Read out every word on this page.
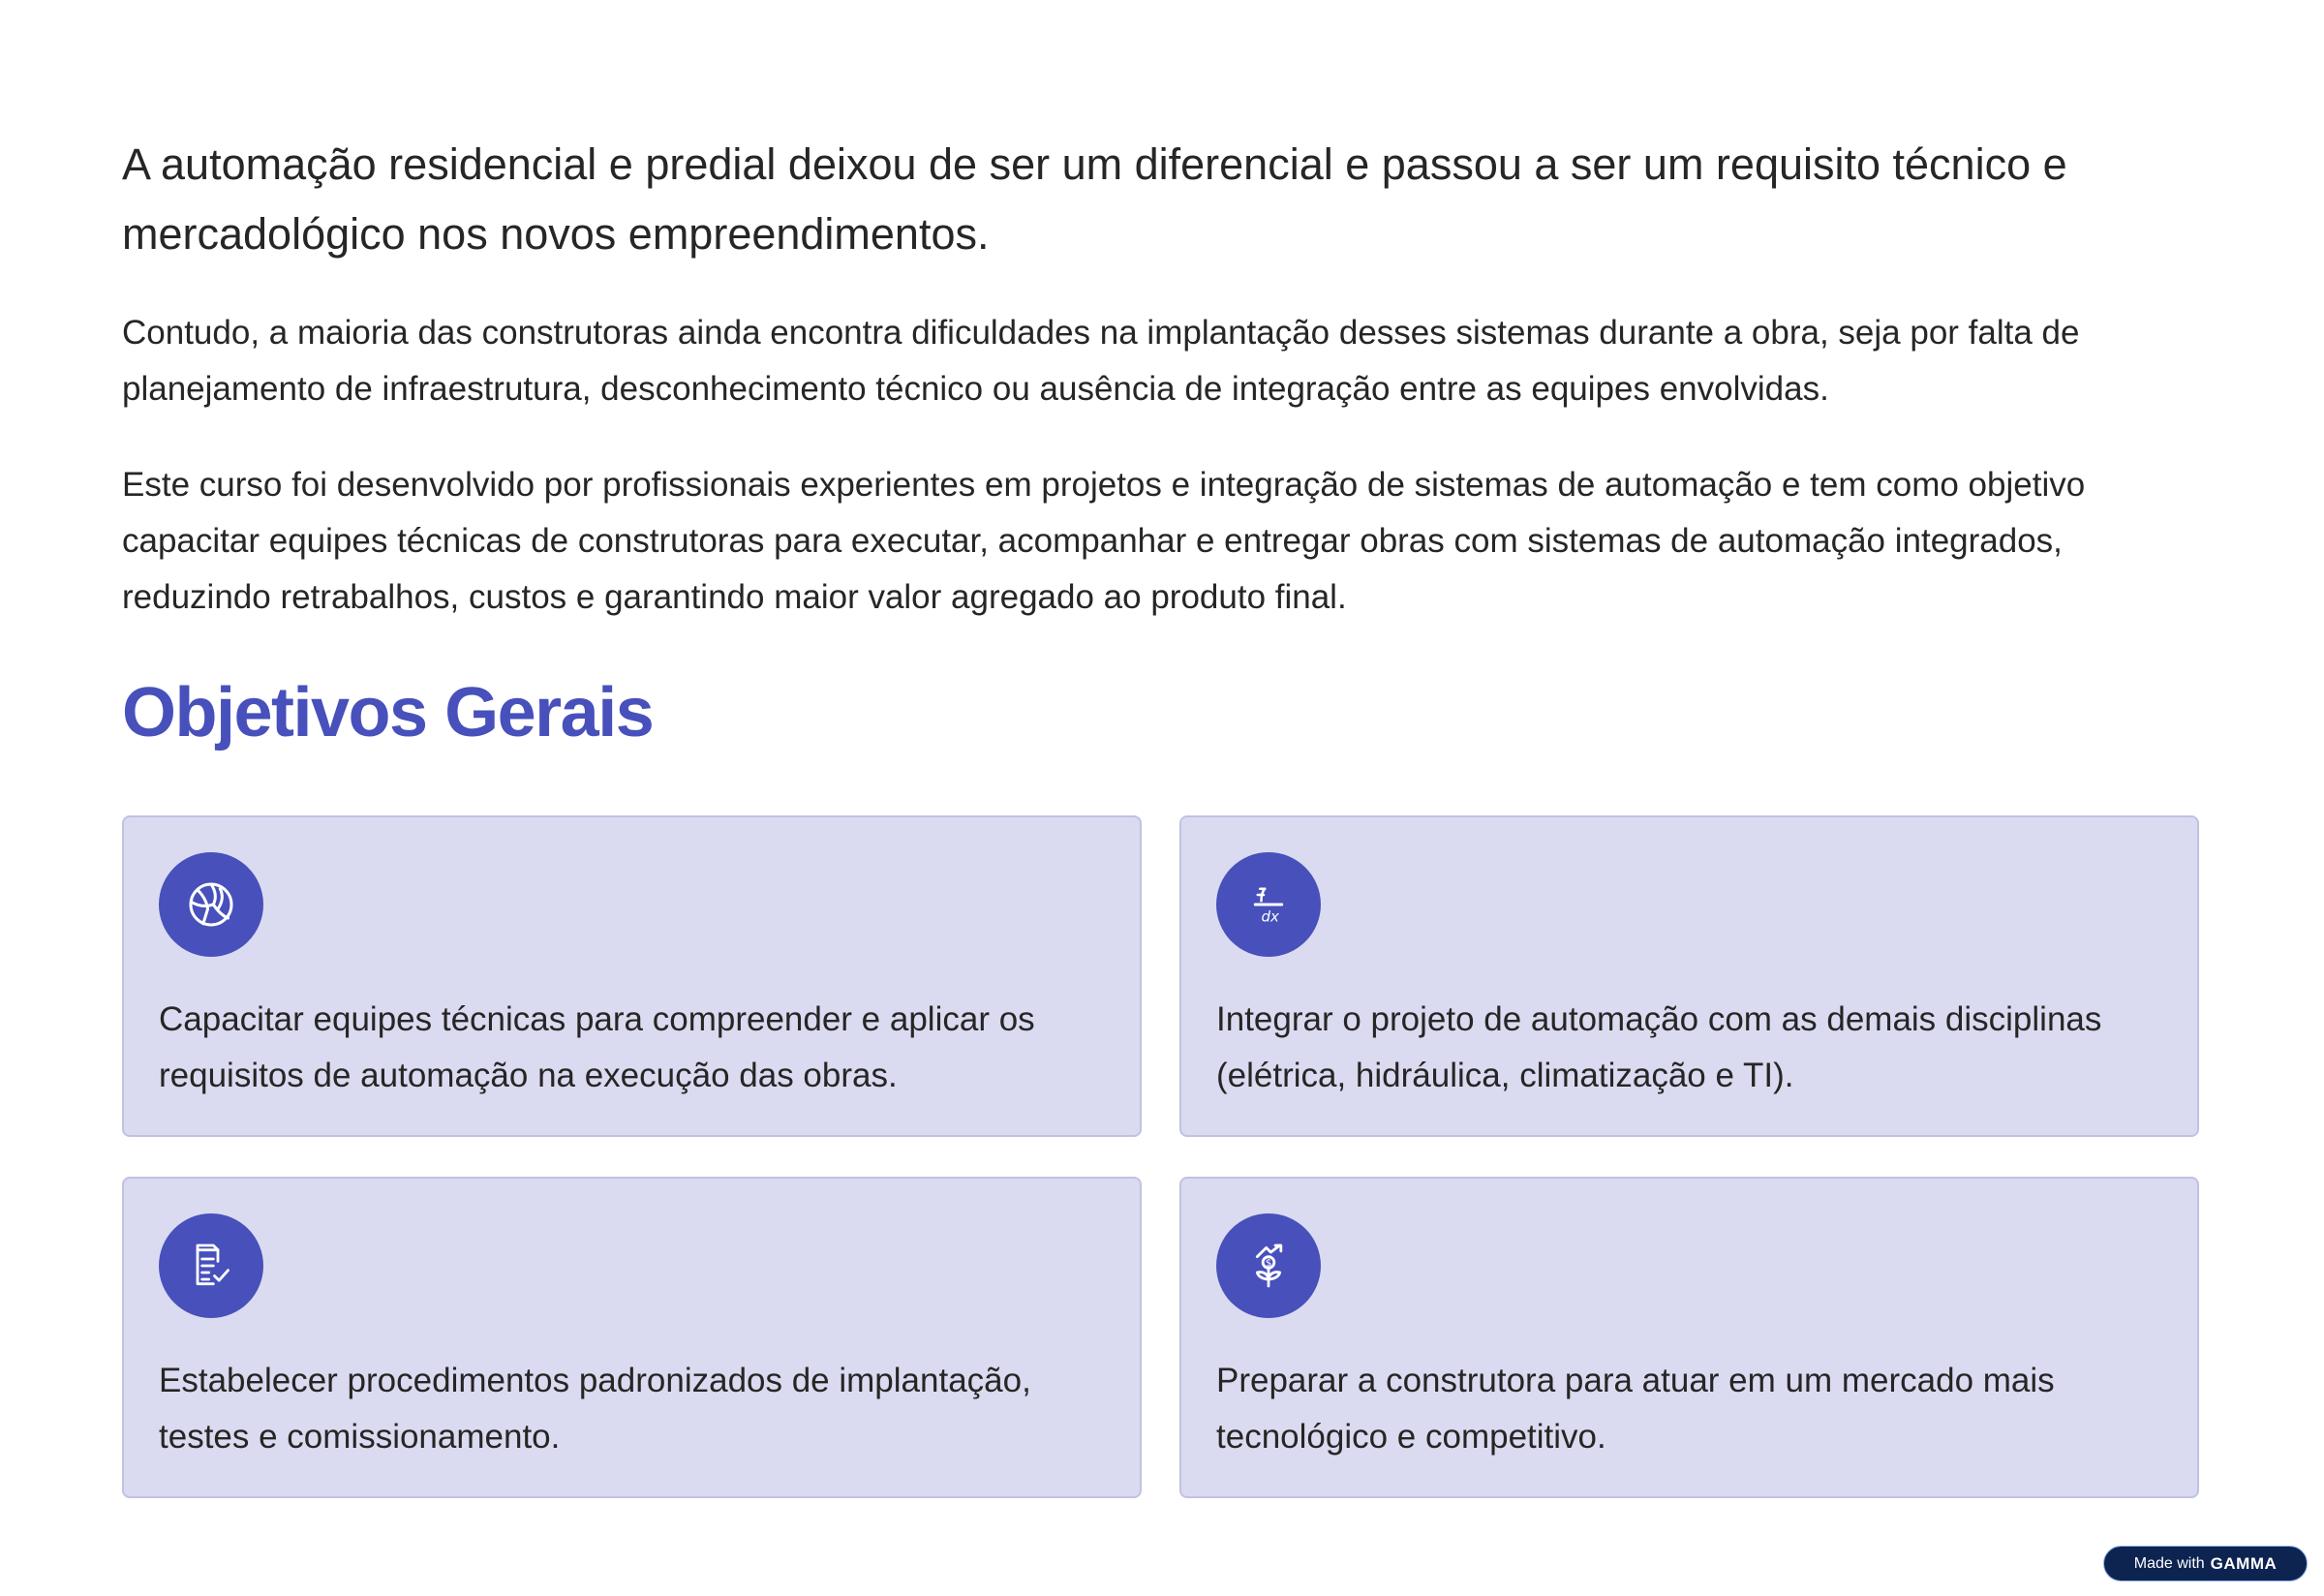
A automação residencial e predial deixou de ser um diferencial e passou a ser um requisito técnico e mercadológico nos novos empreendimentos.

Contudo, a maioria das construtoras ainda encontra dificuldades na implantação desses sistemas durante a obra, seja por falta de planejamento de infraestrutura, desconhecimento técnico ou ausência de integração entre as equipes envolvidas.

Este curso foi desenvolvido por profissionais experientes em projetos e integração de sistemas de automação e tem como objetivo capacitar equipes técnicas de construtoras para executar, acompanhar e entregar obras com sistemas de automação integrados, reduzindo retrabalhos, custos e garantindo maior valor agregado ao produto final.

Objetivos Gerais

Capacitar equipes técnicas para compreender e aplicar os requisitos de automação na execução das obras.

dx

Integrar o projeto de automação com as demais disciplinas (elétrica, hidráulica, climatização e TI).

Estabelecer procedimentos padronizados de implantação, testes e comissionamento.

$

Preparar a construtora para atuar em um mercado mais tecnológico e competitivo.

Made with GAMMA
